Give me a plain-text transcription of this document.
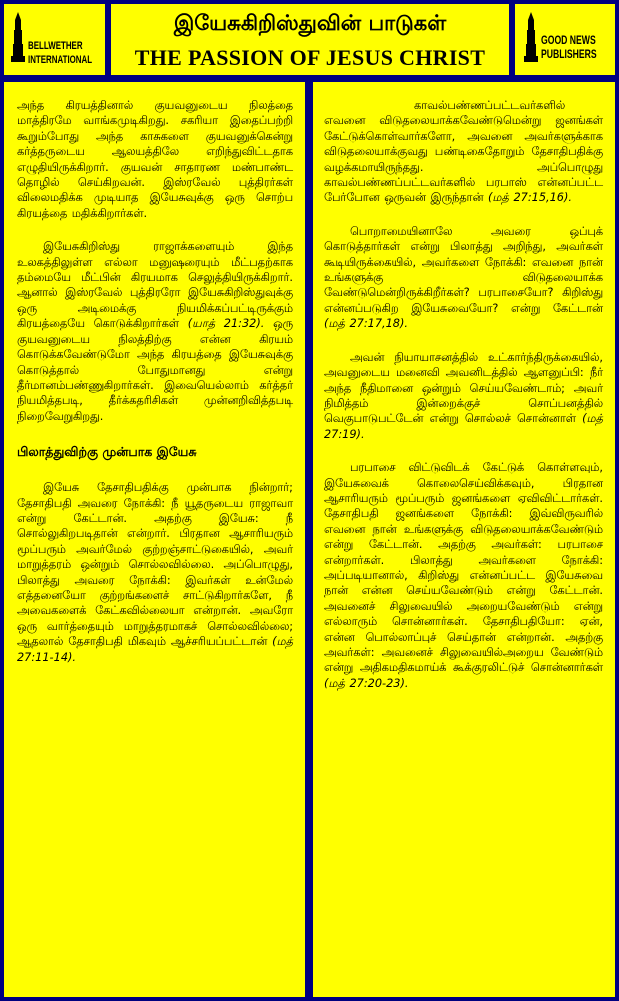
BELLWETHER
INTERNATIONAL
இயேசுகிறிஸ்துவின் பாடுகள்
THE PASSION OF JESUS CHRIST
GOOD NEWS
PUBLISHERS

அந்த கிரயத்தினால் குயவனுடைய நிலத்தை மாத்திரமே வாங்கமுடிகிறது. சகரியா இதைப்பற்றி கூறும்போது அந்த காசுகளை குயவனுக்கென்று கர்த்தருடைய ஆலயத்திலே எறிந்துவிட்டதாக எழுதியிருக்கிறார். குயவன் சாதாரண மண்பாண்ட தொழில் செய்கிறவன். இஸ்ரவேல் புத்திரர்கள் விலைமதிக்க முடியாத இயேசுவுக்கு ஒரு சொற்ப கிரயத்தை மதிக்கிறார்கள்.

இயேசுகிறிஸ்து ராஜாக்களையும் இந்த உலகத்திலுள்ள எல்லா மனுஷரையும் மீட்பதற்காக தம்மையே மீட்பின் கிரயமாக செலுத்தியிருக்கிறார். ஆனால் இஸ்ரவேல் புத்திரரோ இயேசுகிறிஸ்துவுக்கு ஒரு அடிமைக்கு நியமிக்கப்பட்டிருக்கும் கிரயத்தையே கொடுக்கிறார்கள் (யாத் 21:32). ஒரு குயவனுடைய நிலத்திற்கு என்ன கிரயம் கொடுக்கவேண்டுமோ அந்த கிரயத்தை இயேசுவுக்கு கொடுத்தால் போதுமானது என்று தீர்மானம்பண்ணுகிறார்கள். இவையெல்லாம் கர்த்தர் நியமித்தபடி, தீர்க்கதரிசிகள் முன்னறிவித்தபடி நிறைவேறுகிறது.

பிலாத்துவிற்கு முன்பாக இயேசு

இயேசு தேசாதிபதிக்கு முன்பாக நின்றார்; தேசாதிபதி அவரை நோக்கி: நீ யூதருடைய ராஜாவா என்று கேட்டான். அதற்கு இயேசு: நீ சொல்லுகிறபடிதான் என்றார். பிரதான ஆசாரியரும் மூப்பரும் அவர்மேல் குற்றஞ்சாட்டுகையில், அவர் மாறுத்தரம் ஒன்றும் சொல்லவில்லை. அப்பொழுது, பிலாத்து அவரை நோக்கி: இவர்கள் உன்மேல் எத்தனையோ குற்றங்களைச் சாட்டுகிறார்களே, நீ அவைகளைக் கேட்கவில்லையா என்றான். அவரோ ஒரு வார்த்தையும் மாறுத்தரமாகச் சொல்லவில்லை; ஆதலால் தேசாதிபதி மிகவும் ஆச்சரியப்பட்டான் (மத் 27:11-14).

காவல்பண்ணப்பட்டவர்களில் எவனை விடுதலையாக்கவேண்டுமென்று ஜனங்கள் கேட்டுக்கொள்வார்களோ, அவனை அவர்களுக்காக விடுதலையாக்குவது பண்டிகைதோறும் தேசாதிபதிக்கு வழக்கமாயிருந்தது. அப்பொழுது காவல்பண்ணப்பட்டவர்களில் பரபாஸ் என்னப்பட்ட பேர்போன ஒருவன் இருந்தான் (மத் 27:15,16).

பொறாமையினாலே அவரை ஒப்புக் கொடுத்தார்கள் என்று பிலாத்து அறிந்து, அவர்கள் கூடியிருக்கையில், அவர்களை நோக்கி: எவனை நான் உங்களுக்கு விடுதலையாக்க வேண்டுமென்றிருக்கிறீர்கள்? பரபாசையோ? கிறிஸ்து என்னப்படுகிற இயேசுவையோ? என்று கேட்டான் (மத் 27:17,18).

அவன் நியாயாசனத்தில் உட்கார்ந்திருக்கையில், அவனுடைய மனைவி அவனிடத்தில் ஆளனுப்பி: நீர் அந்த நீதிமானை ஒன்றும் செய்யவேண்டாம்; அவர் நிமித்தம் இன்றைக்குச் சொப்பனத்தில் வெகுபாடுபட்டேன் என்று சொல்லச் சொன்னாள் (மத் 27:19).

பரபாசை விட்டுவிடக் கேட்டுக் கொள்ளவும், இயேசுவைக் கொலைசெய்விக்கவும், பிரதான ஆசாரியரும் மூப்பரும் ஜனங்களை ஏவிவிட்டார்கள். தேசாதிபதி ஜனங்களை நோக்கி: இவ்விருவரில் எவனை நான் உங்களுக்கு விடுதலையாக்கவேண்டும் என்று கேட்டான். அதற்கு அவர்கள்: பரபாசை என்றார்கள். பிலாத்து அவர்களை நோக்கி: அப்படியானால், கிறிஸ்து என்னப்பட்ட இயேசுவை நான் என்ன செய்யவேண்டும் என்று கேட்டான். அவனைச் சிலுவையில் அறையவேண்டும் என்று எல்லாரும் சொன்னார்கள். தேசாதிபதியோ: ஏன், என்ன பொல்லாப்புச் செய்தான் என்றான். அதற்கு அவர்கள்: அவனைச் சிலுவையில்அறைய வேண்டும் என்று அதிகமதிகமாய்க் கூக்குரலிட்டுச் சொன்னார்கள் (மத் 27:20-23).
